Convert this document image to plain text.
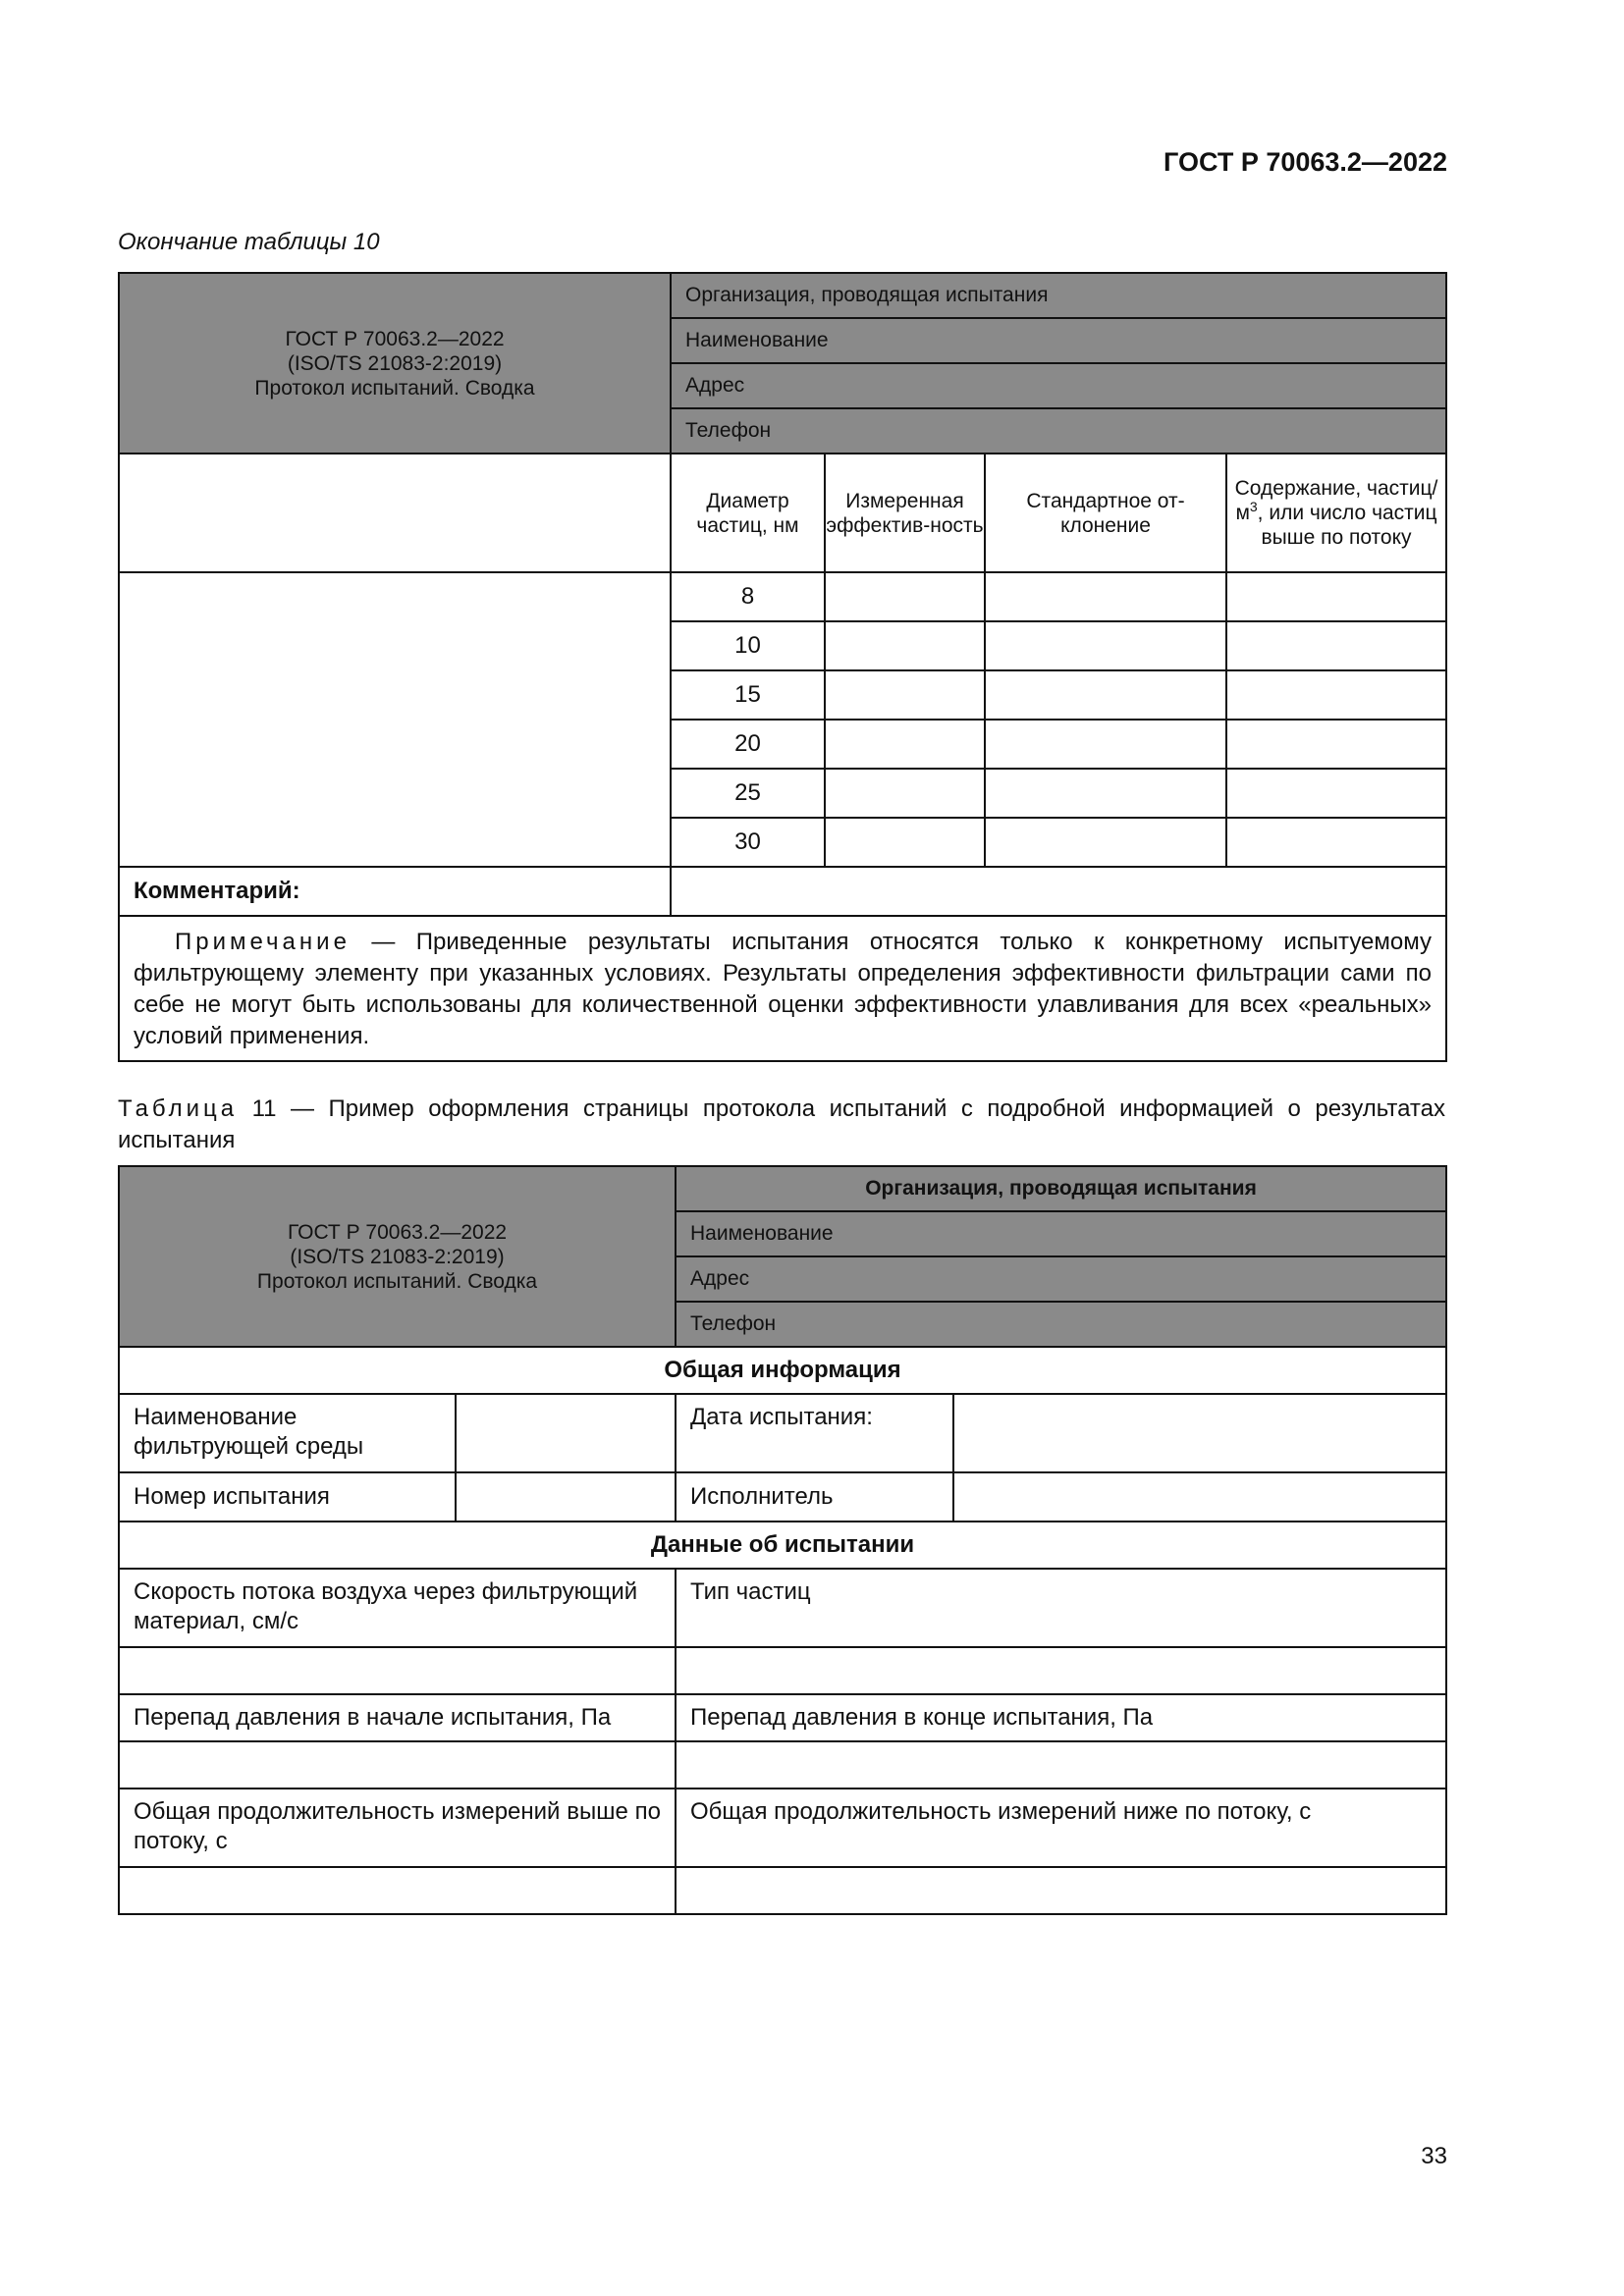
ГОСТ Р 70063.2—2022
Окончание таблицы 10
ГОСТ Р 70063.2—2022
(ISO/TS 21083-2:2019)
Протокол испытаний. Сводка	Организация, проводящая испытания			
	Наименование			
	Адрес			
	Телефон			
	Диаметр частиц, нм	Измеренная эффектив-ность	Стандартное от-клонение	Содержание, частиц/$м^3$, или число частиц выше по потоку
	8			
	10			
	15			
	20			
	25			
	30			
Комментарий:				
Примечание — Приведенные результаты испытания относятся только к конкретному испытуемому фильтрующему элементу при указанных условиях. Результаты определения эффективности фильтрации сами по себе не могут быть использованы для количественной оценки эффективности улавливания для всех «реальных» условий применения.				
Таблица 11 — Пример оформления страницы протокола испытаний с подробной информацией о результатах испытания
ГОСТ Р 70063.2—2022
(ISO/TS 21083-2:2019)
Протокол испытаний. Сводка		Организация, проводящая испытания	
		Наименование	
		Адрес	
		Телефон	
Общая информация			
Наименование фильтрующей среды		Дата испытания:	
Номер испытания		Исполнитель	
Данные об испытании			
Скорость потока воздуха через фильтрующий материал, см/с		Тип частиц	

Перепад давления в начале испытания, Па		Перепад давления в конце испытания, Па	

Общая продолжительность измерений выше по потоку, с		Общая продолжительность измерений ниже по потоку, с	

33
